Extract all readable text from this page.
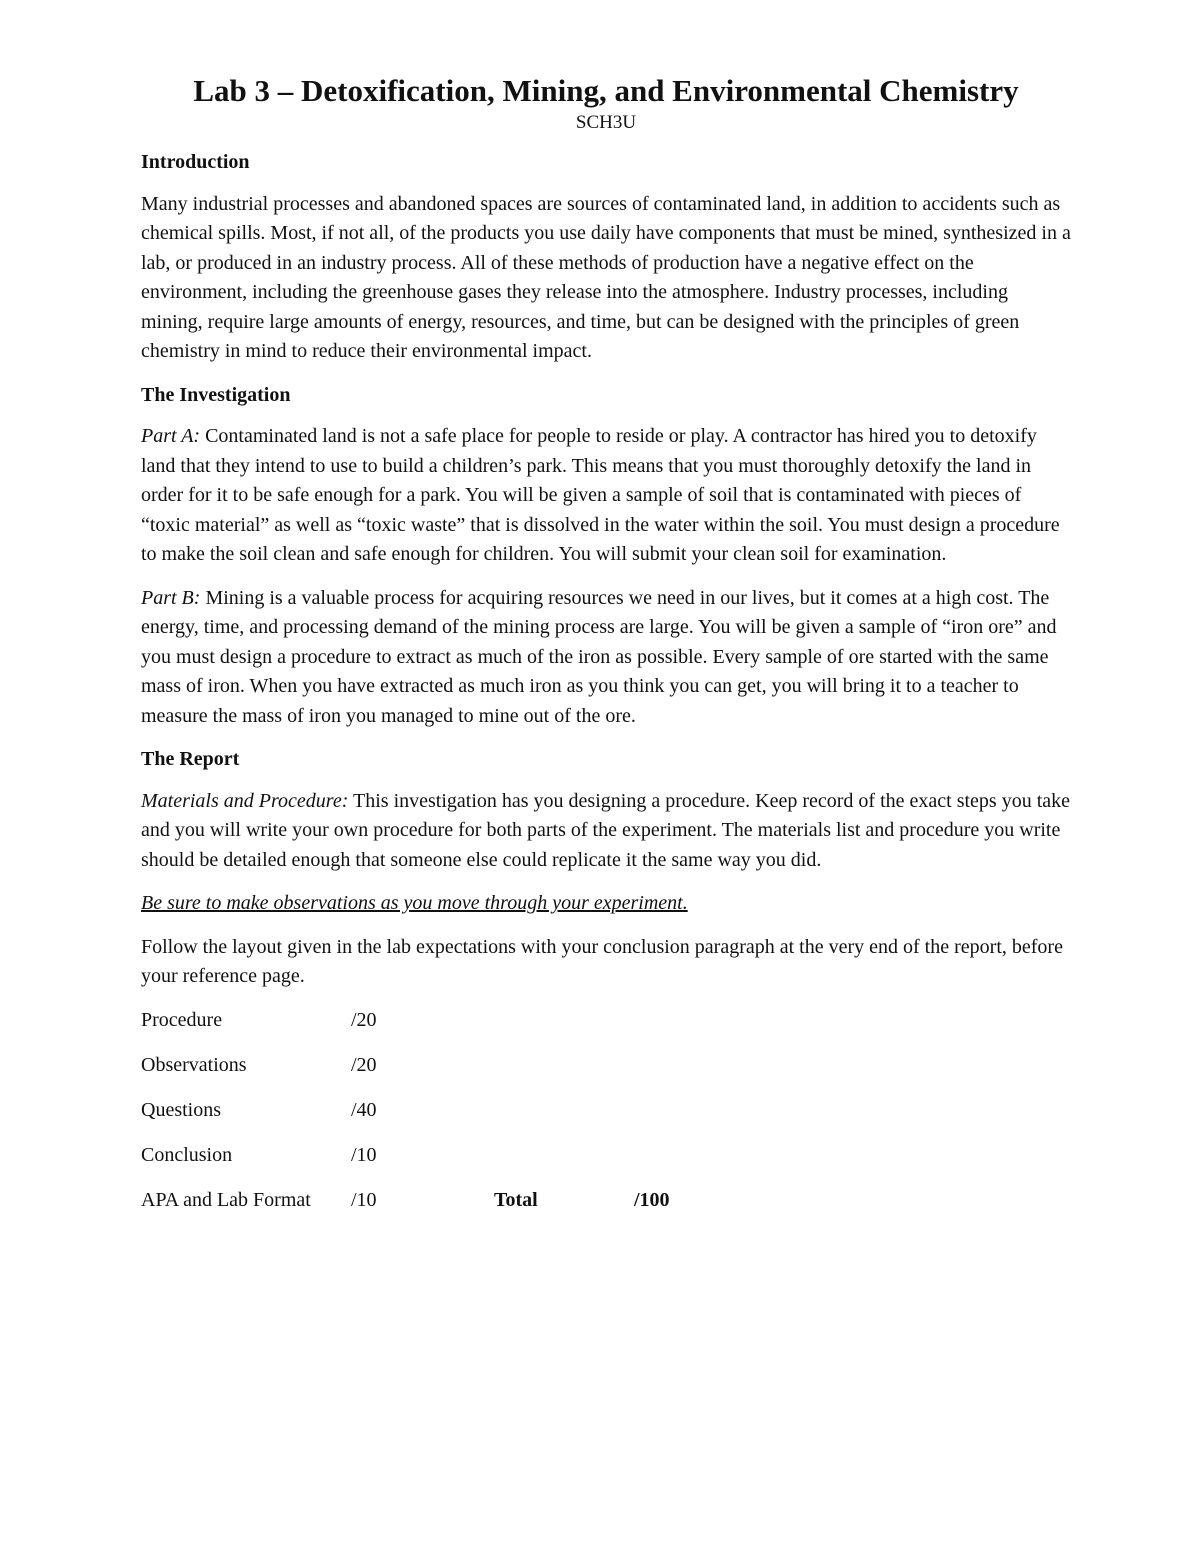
Lab 3 – Detoxification, Mining, and Environmental Chemistry
SCH3U
Introduction

Many industrial processes and abandoned spaces are sources of contaminated land, in addition to accidents such as chemical spills. Most, if not all, of the products you use daily have components that must be mined, synthesized in a lab, or produced in an industry process. All of these methods of production have a negative effect on the environment, including the greenhouse gases they release into the atmosphere. Industry processes, including mining, require large amounts of energy, resources, and time, but can be designed with the principles of green chemistry in mind to reduce their environmental impact.

The Investigation

Part A: Contaminated land is not a safe place for people to reside or play. A contractor has hired you to detoxify land that they intend to use to build a children’s park. This means that you must thoroughly detoxify the land in order for it to be safe enough for a park. You will be given a sample of soil that is contaminated with pieces of “toxic material” as well as “toxic waste” that is dissolved in the water within the soil. You must design a procedure to make the soil clean and safe enough for children. You will submit your clean soil for examination.

Part B: Mining is a valuable process for acquiring resources we need in our lives, but it comes at a high cost. The energy, time, and processing demand of the mining process are large. You will be given a sample of “iron ore” and you must design a procedure to extract as much of the iron as possible. Every sample of ore started with the same mass of iron. When you have extracted as much iron as you think you can get, you will bring it to a teacher to measure the mass of iron you managed to mine out of the ore.

The Report

Materials and Procedure: This investigation has you designing a procedure. Keep record of the exact steps you take and you will write your own procedure for both parts of the experiment. The materials list and procedure you write should be detailed enough that someone else could replicate it the same way you did.

Be sure to make observations as you move through your experiment.

Follow the layout given in the lab expectations with your conclusion paragraph at the very end of the report, before your reference page.

Procedure	/20
Observations	/20
Questions	/40
Conclusion	/10
APA and Lab Format	/10	Total	/100
